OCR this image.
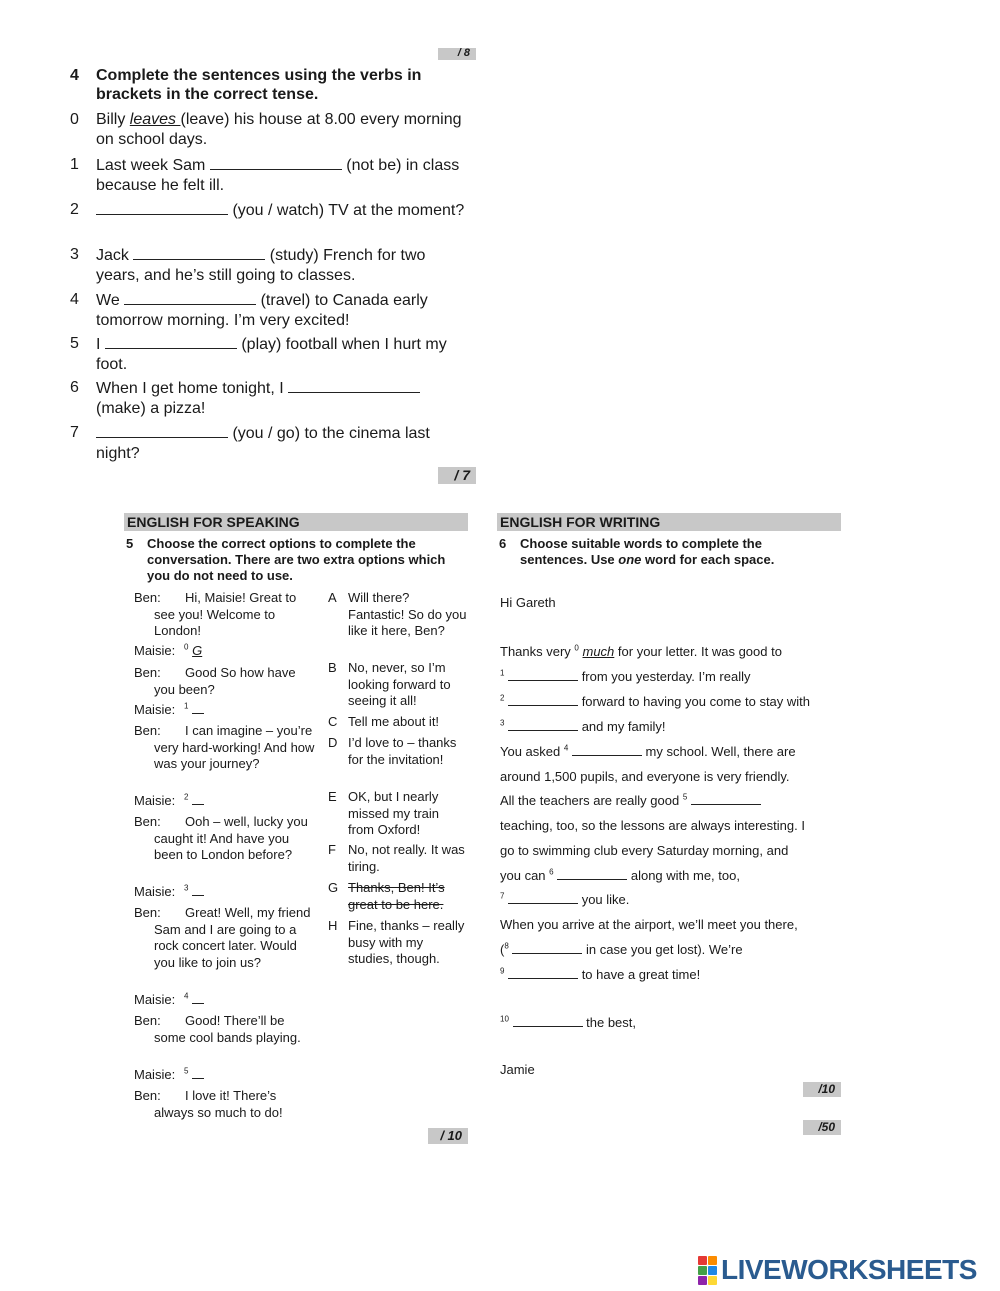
/ 8
4 Complete the sentences using the verbs in brackets in the correct tense.
0 Billy leaves (leave) his house at 8.00 every morning on school days.
1 Last week Sam	(not be) in class because he felt ill.
2	(you / watch) TV at the moment?
3 Jack	(study) French for two years, and he’s still going to classes.
4 We	(travel) to Canada early tomorrow morning. I’m very excited!
5 I	(play) football when I hurt my foot.
6 When I get home tonight, I  (make) a pizza!
7	(you / go) to the cinema last night?
/ 7
ENGLISH FOR SPEAKING
5 Choose the correct options to complete the conversation. There are two extra options which you do not need to use.
Ben:	Hi, Maisie! Great to see you! Welcome to London!
Maisie: $^0$ G
Ben:	Good So how have you been?
Maisie: $^1$
Ben:	I can imagine – you’re very hard-working! And how was your journey?
Maisie: $^2$
Ben:	Ooh – well, lucky you caught it! And have you been to London before?
Maisie: $^3$
Ben:	Great! Well, my friend Sam and I are going to a rock concert later. Would you like to join us?
Maisie: $^4$
Ben:	Good! There’ll be some cool bands playing.
Maisie: $^5$
Ben:	I love it! There’s always so much to do!
A Will there? Fantastic! So do you like it here, Ben?
B No, never, so I’m looking forward to seeing it all!
C Tell me about it!
D I’d love to – thanks for the invitation!
E OK, but I nearly missed my train from Oxford!
F No, not really. It was tiring.
G Thanks, Ben! It’s great to be here.
H Fine, thanks – really busy with my studies, though.
/ 10
ENGLISH FOR WRITING
6 Choose suitable words to complete the sentences. Use one word for each space.
Hi Gareth
Thanks very $^0$ much for your letter. It was good to
$^1$	from you yesterday. I’m really
$^2$	forward to having you come to stay with
$^3$	and my family!
You asked $^4$	my school. Well, there are
around 1,500 pupils, and everyone is very friendly.
All the teachers are really good $^5$
teaching, too, so the lessons are always interesting. I
go to swimming club every Saturday morning, and
you can $^6$	along with me, too,
$^7$	you like.
When you arrive at the airport, we’ll meet you there,
($^8$	in case you get lost). We’re
$^9$	to have a great time!
$^{10}$	the best,
Jamie
/10
/50
LIVEWORKSHEETS
